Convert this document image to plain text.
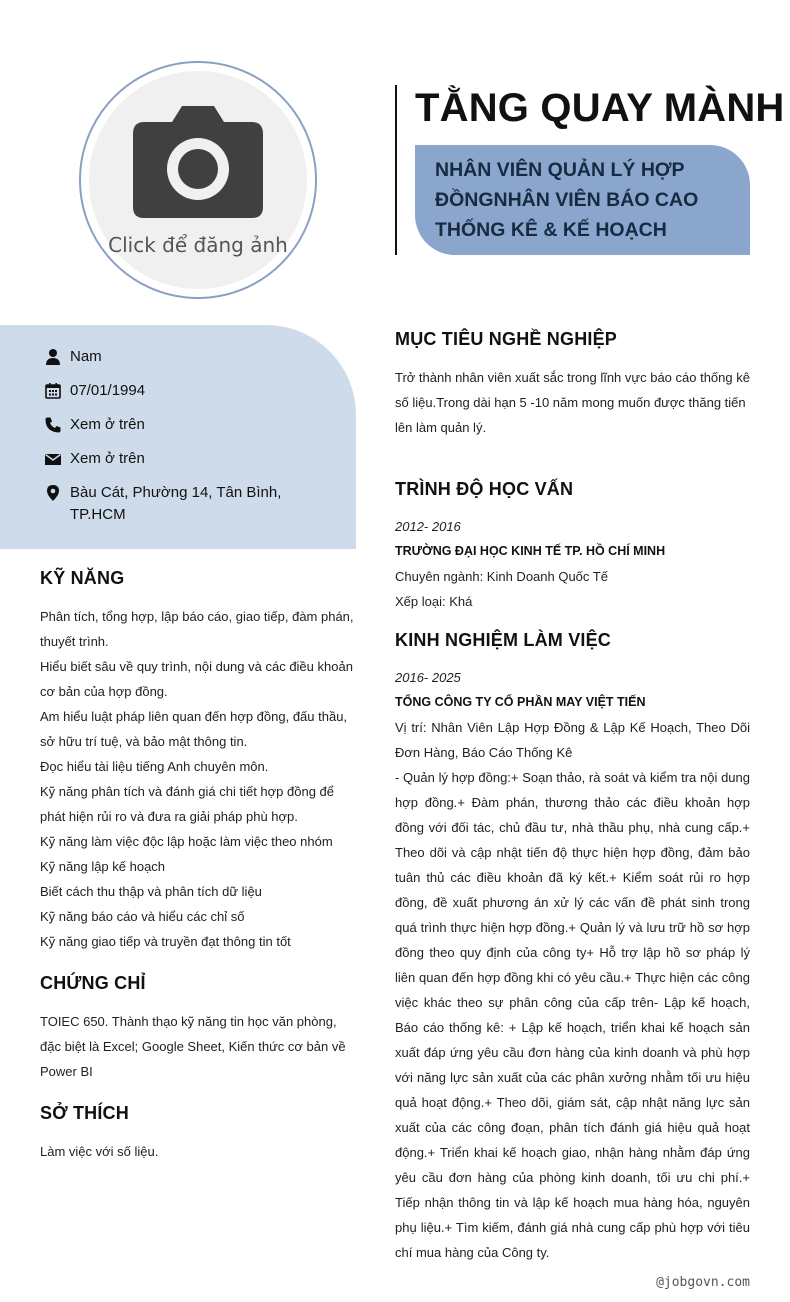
Click để đăng ảnh
TẰNG QUAY MÀNH
NHÂN VIÊN QUẢN LÝ HỢP
ĐỒNGNHÂN VIÊN BÁO CAO
THỐNG KÊ & KẾ HOẠCH
Nam
07/01/1994
Xem ở trên
Xem ở trên
Bàu Cát, Phường 14, Tân Bình,
TP.HCM
KỸ NĂNG
Phân tích, tổng hợp, lập báo cáo, giao tiếp, đàm phán,
thuyết trình.
Hiểu biết sâu về quy trình, nội dung và các điều khoản
cơ bản của hợp đồng.
Am hiểu luật pháp liên quan đến hợp đồng, đấu thầu,
sở hữu trí tuệ, và bảo mật thông tin.
Đọc hiểu tài liệu tiếng Anh chuyên môn.
Kỹ năng phân tích và đánh giá chi tiết hợp đồng để
phát hiện rủi ro và đưa ra giải pháp phù hợp.
Kỹ năng làm việc độc lập hoặc làm việc theo nhóm
Kỹ năng lập kế hoạch
Biết cách thu thập và phân tích dữ liệu
Kỹ năng báo cáo và hiểu các chỉ số
Kỹ năng giao tiếp và truyền đạt thông tin tốt
CHỨNG CHỈ
TOIEC 650. Thành thạo kỹ năng tin học văn phòng, đặc biệt là Excel; Google Sheet, Kiến thức cơ bản về Power BI
SỞ THÍCH
Làm việc với số liệu.
MỤC TIÊU NGHỀ NGHIỆP
Trở thành nhân viên xuất sắc trong lĩnh vực báo cáo thống kê số liệu.Trong dài hạn 5 -10 năm mong muốn được thăng tiến lên làm quản lý.
TRÌNH ĐỘ HỌC VẤN
2012- 2016
TRƯỜNG ĐẠI HỌC KINH TẾ TP. HỒ CHÍ MINH
Chuyên ngành: Kinh Doanh Quốc Tế
Xếp loại: Khá
KINH NGHIỆM LÀM VIỆC
2016- 2025
TỔNG CÔNG TY CỔ PHẦN MAY VIỆT TIẾN
Vị trí: Nhân Viên Lập Hợp Đồng & Lập Kế Hoạch, Theo Dõi Đơn Hàng, Báo Cáo Thống Kê
- Quản lý hợp đồng:+ Soạn thảo, rà soát và kiểm tra nội dung hợp đồng.+ Đàm phán, thương thảo các điều khoản hợp đồng với đối tác, chủ đầu tư, nhà thầu phụ, nhà cung cấp.+ Theo dõi và cập nhật tiến độ thực hiện hợp đồng, đảm bảo tuân thủ các điều khoản đã ký kết.+ Kiểm soát rủi ro hợp đồng, đề xuất phương án xử lý các vấn đề phát sinh trong quá trình thực hiện hợp đồng.+ Quản lý và lưu trữ hồ sơ hợp đồng theo quy định của công ty+ Hỗ trợ lập hồ sơ pháp lý liên quan đến hợp đồng khi có yêu cầu.+ Thực hiện các công việc khác theo sự phân công của cấp trên- Lập kế hoạch, Báo cáo thống kê: + Lập kế hoạch, triển khai kế hoạch sản xuất đáp ứng yêu cầu đơn hàng của kinh doanh và phù hợp với năng lực sản xuất của các phân xưởng nhằm tối ưu hiệu quả hoạt động.+ Theo dõi, giám sát, cập nhật năng lực sản xuất của các công đoạn, phân tích đánh giá hiệu quả hoạt động.+ Triển khai kế hoạch giao, nhận hàng nhằm đáp ứng yêu cầu đơn hàng của phòng kinh doanh, tối ưu chi phí.+ Tiếp nhận thông tin và lập kế hoạch mua hàng hóa, nguyên phụ liệu.+ Tìm kiếm, đánh giá nhà cung cấp phù hợp với tiêu chí mua hàng của Công ty.
@jobgovn.com
